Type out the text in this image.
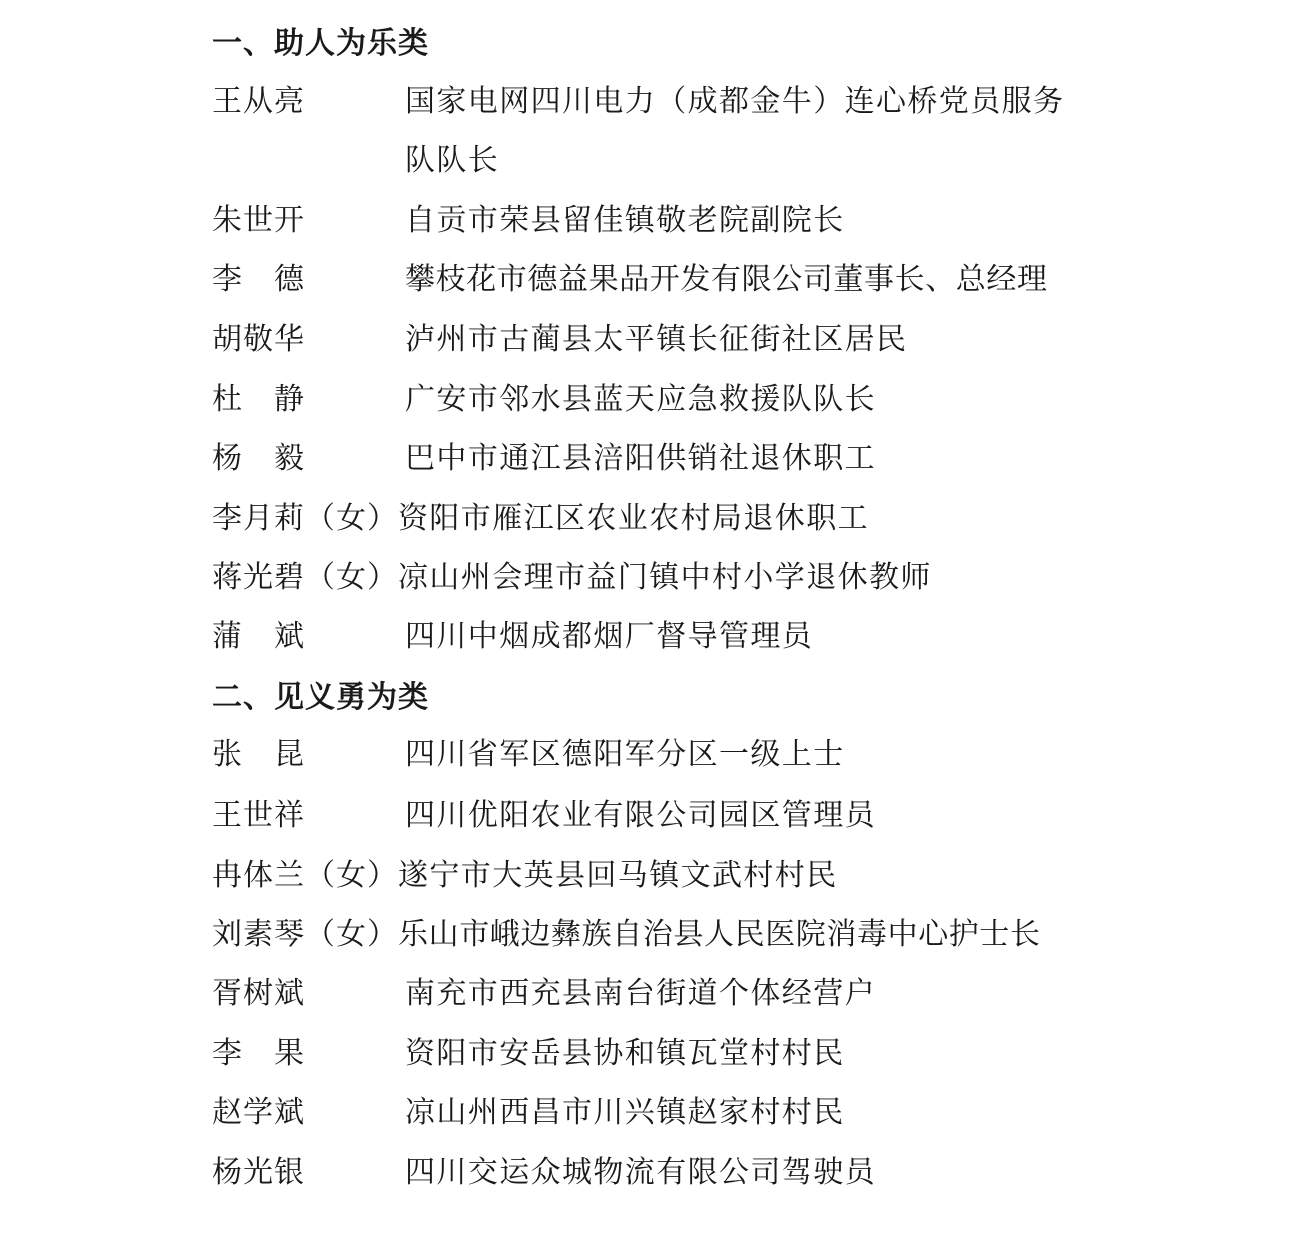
一、助人为乐类
王从亮	国家电网四川电力（成都金牛）连心桥党员服务
队队长
朱世开	自贡市荣县留佳镇敬老院副院长
李　德	攀枝花市德益果品开发有限公司董事长、总经理
胡敬华	泸州市古蔺县太平镇长征街社区居民
杜　静	广安市邻水县蓝天应急救援队队长
杨　毅	巴中市通江县涪阳供销社退休职工
李月莉（女） 资阳市雁江区农业农村局退休职工
蒋光碧（女） 凉山州会理市益门镇中村小学退休教师
蒲　斌	四川中烟成都烟厂督导管理员
二、见义勇为类
张　昆	四川省军区德阳军分区一级上士
王世祥	四川优阳农业有限公司园区管理员
冉体兰（女） 遂宁市大英县回马镇文武村村民
刘素琴（女） 乐山市峨边彝族自治县人民医院消毒中心护士长
胥树斌	南充市西充县南台街道个体经营户
李　果	资阳市安岳县协和镇瓦堂村村民
赵学斌	凉山州西昌市川兴镇赵家村村民
杨光银	四川交运众城物流有限公司驾驶员
